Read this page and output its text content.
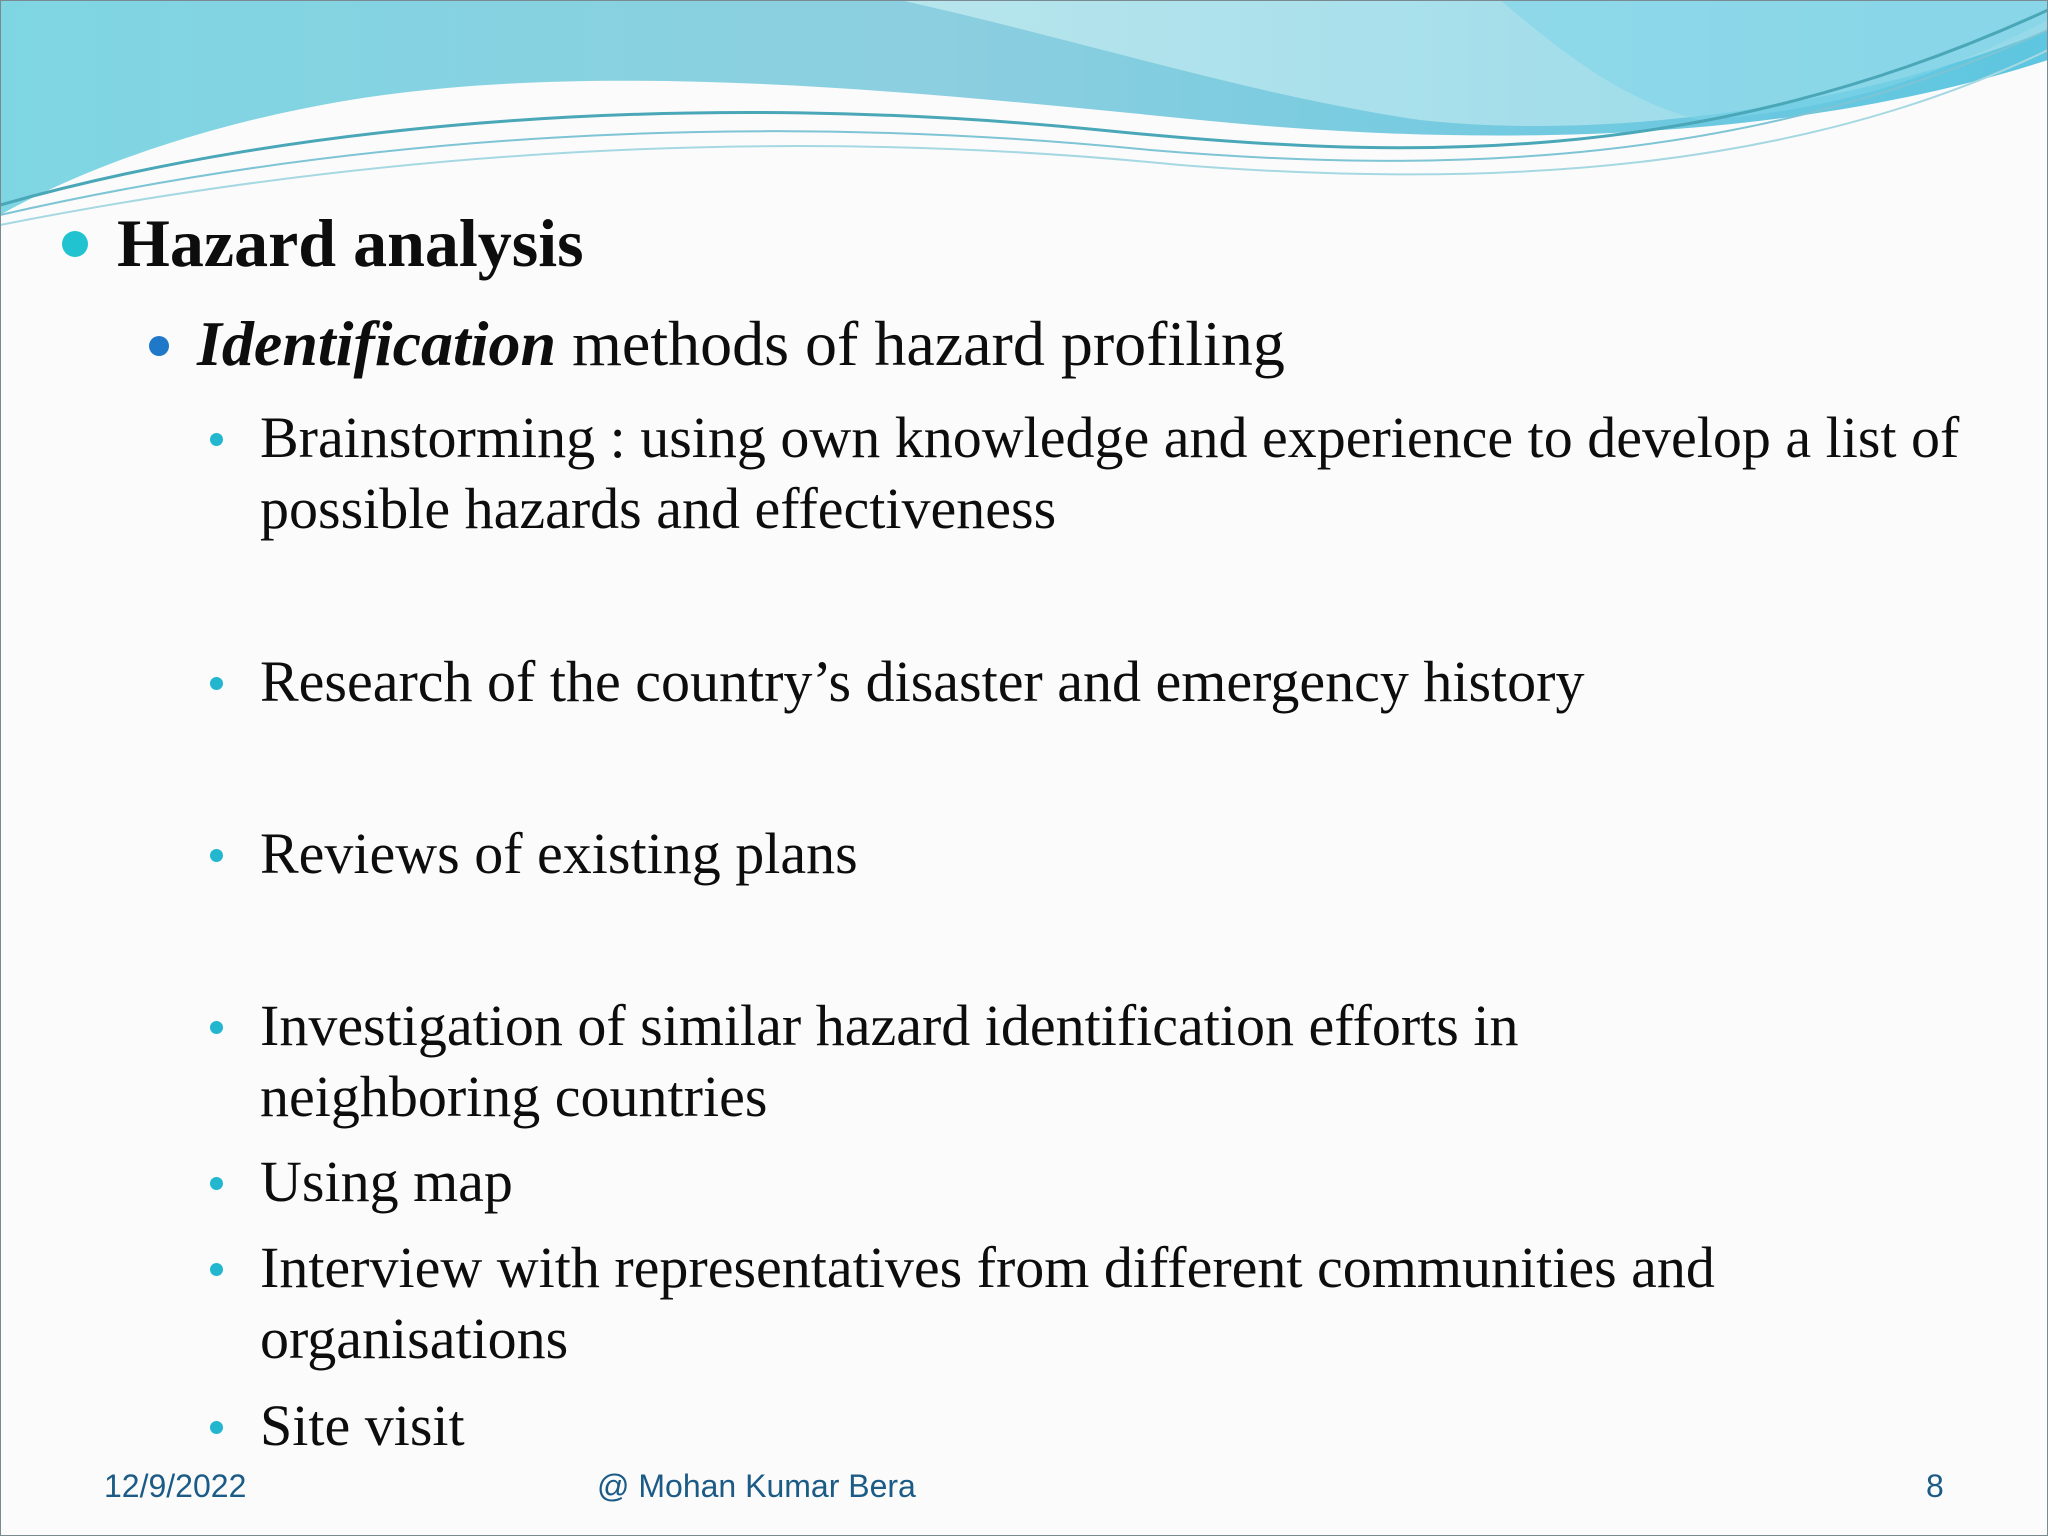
Hazard analysis
Identification methods of hazard profiling
Brainstorming : using own knowledge and experience to develop a list of possible hazards and effectiveness
Research of the country’s disaster and emergency history
Reviews of existing plans
Investigation of similar hazard identification efforts in neighboring countries
Using map
Interview with representatives from different communities and organisations
Site visit
12/9/2022	@ Mohan Kumar Bera	8
